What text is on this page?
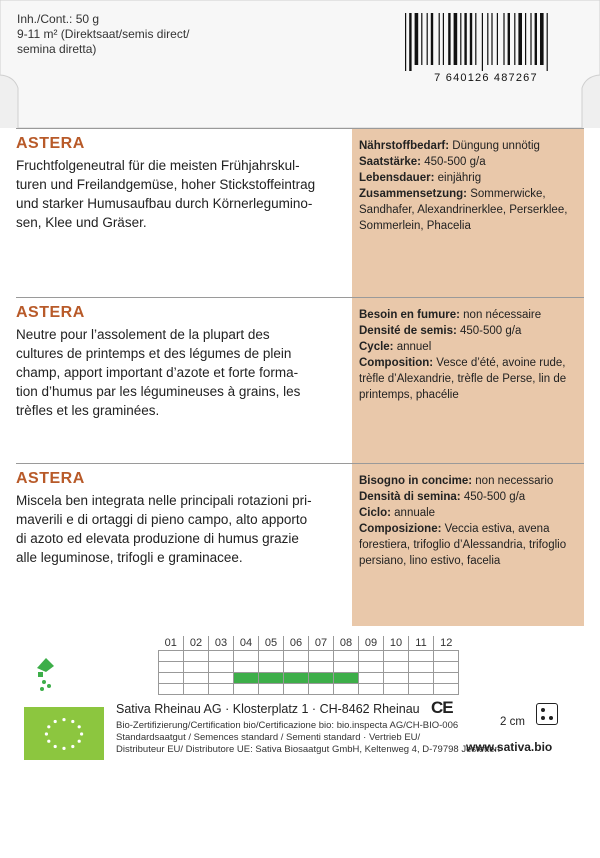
Inh./Cont.: 50 g
9-11 m² (Direktsaat/semis direct/
semina diretta)
7 640126 487267
ASTERA
Fruchtfolgeneutral für die meisten Frühjahrskul-
turen und Freilandgemüse, hoher Stickstoffeintrag
und starker Humusaufbau durch Körnerlegumino-
sen, Klee und Gräser.
Nährstoffbedarf: Düngung unnötig
Saatstärke: 450-500 g/a
Lebensdauer: einjährig
Zusammensetzung: Sommerwicke, Sandhafer, Alexandrinerklee, Perserklee, Sommerlein, Phacelia
ASTERA
Neutre pour l’assolement de la plupart des
cultures de printemps et des légumes de plein
champ, apport important d’azote et forte forma-
tion d’humus par les légumineuses à grains, les
trèfles et les graminées.
Besoin en fumure: non nécessaire
Densité de semis: 450-500 g/a
Cycle: annuel
Composition: Vesce d’été, avoine rude, trèfle d’Alexandrie, trèfle de Perse, lin de printemps, phacélie
ASTERA
Miscela ben integrata nelle principali rotazioni pri-
maverili e di ortaggi di pieno campo, alto apporto
di azoto ed elevata produzione di humus grazie
alle leguminose, trifogli e graminacee.
Bisogno in concime: non necessario
Densità di semina: 450-500 g/a
Ciclo: annuale
Composizione: Veccia estiva, avena forestiera, trifoglio d’Alessandria, trifoglio persiano, lino estivo, facelia
01	02	03	04	05	06	07	08	09	10	11	12

Sativa Rheinau AG · Klosterplatz 1 · CH-8462 Rheinau CE
Bio-Zertifizierung/Certification bio/Certificazione bio: bio.inspecta AG/CH-BIO-006
Standardsaatgut / Semences standard / Sementi standard · Vertrieb EU/
Distributeur EU/ Distributore UE: Sativa Biosaatgut GmbH, Keltenweg 4, D-79798 Jestetten
2 cm
www.sativa.bio
